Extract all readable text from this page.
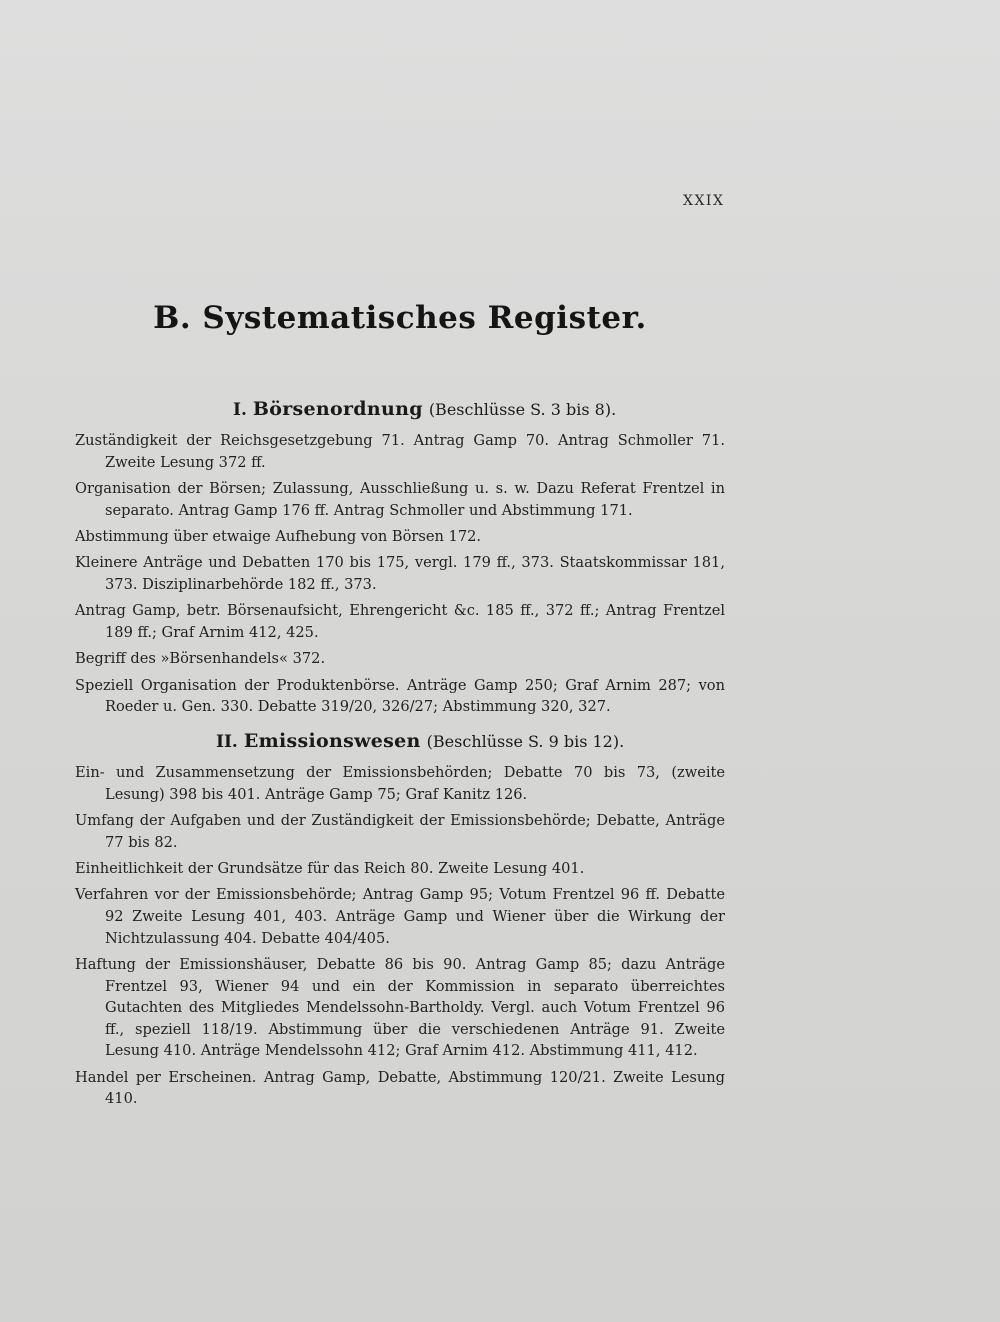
XXIX
B. Systematisches Register.
I. Börsenordnung (Beschlüsse S. 3 bis 8).
Zuständigkeit der Reichsgesetzgebung 71. Antrag Gamp 70. Antrag Schmoller 71. Zweite Lesung 372 ff.
Organisation der Börsen; Zulassung, Ausschließung u. s. w. Dazu Referat Frentzel in separato. Antrag Gamp 176 ff. Antrag Schmoller und Abstimmung 171.
Abstimmung über etwaige Aufhebung von Börsen 172.
Kleinere Anträge und Debatten 170 bis 175, vergl. 179 ff., 373. Staatskommissar 181, 373. Disziplinarbehörde 182 ff., 373.
Antrag Gamp, betr. Börsenaufsicht, Ehrengericht &c. 185 ff., 372 ff.; Antrag Frentzel 189 ff.; Graf Arnim 412, 425.
Begriff des »Börsenhandels« 372.
Speziell Organisation der Produktenbörse. Anträge Gamp 250; Graf Arnim 287; von Roeder u. Gen. 330. Debatte 319/20, 326/27; Abstimmung 320, 327.
II. Emissionswesen (Beschlüsse S. 9 bis 12).
Ein- und Zusammensetzung der Emissionsbehörden; Debatte 70 bis 73, (zweite Lesung) 398 bis 401. Anträge Gamp 75; Graf Kanitz 126.
Umfang der Aufgaben und der Zuständigkeit der Emissionsbehörde; Debatte, Anträge 77 bis 82.
Einheitlichkeit der Grundsätze für das Reich 80. Zweite Lesung 401.
Verfahren vor der Emissionsbehörde; Antrag Gamp 95; Votum Frentzel 96 ff. Debatte 92 Zweite Lesung 401, 403. Anträge Gamp und Wiener über die Wirkung der Nichtzulassung 404. Debatte 404/405.
Haftung der Emissionshäuser, Debatte 86 bis 90. Antrag Gamp 85; dazu Anträge Frentzel 93, Wiener 94 und ein der Kommission in separato überreichtes Gutachten des Mitgliedes Mendelssohn-Bartholdy. Vergl. auch Votum Frentzel 96 ff., speziell 118/19. Abstimmung über die verschiedenen Anträge 91. Zweite Lesung 410. Anträge Mendelssohn 412; Graf Arnim 412. Abstimmung 411, 412.
Handel per Erscheinen. Antrag Gamp, Debatte, Abstimmung 120/21. Zweite Lesung 410.
